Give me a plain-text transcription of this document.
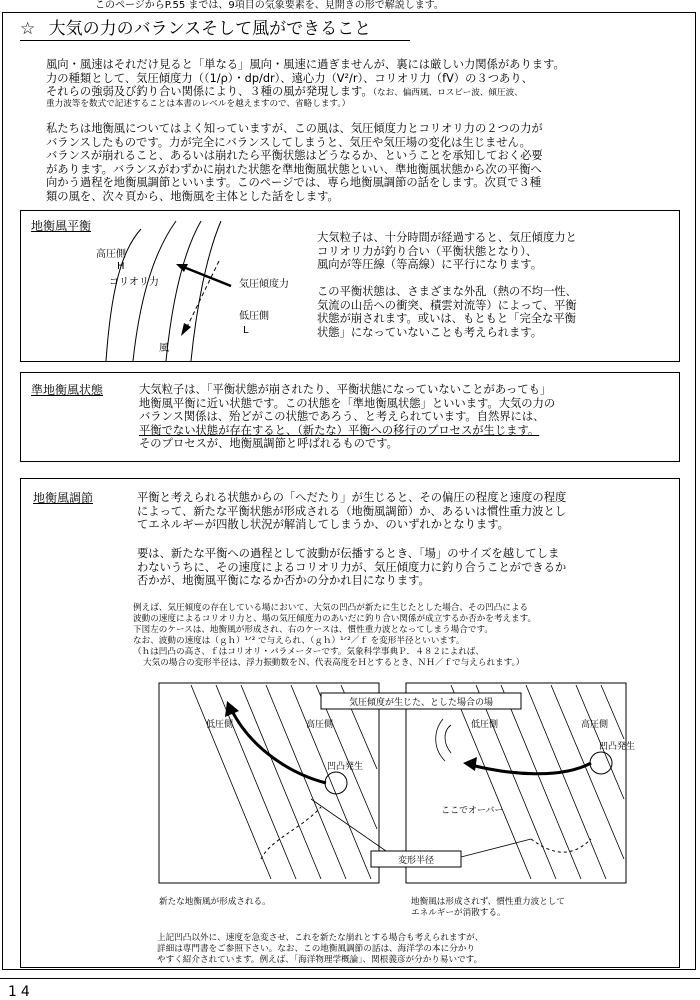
このページからP.55 までは、9項目の気象要素を、見開きの形で解説します。
☆ 大気の力のバランスそして風ができること
風向・風速はそれだけ見ると「単なる」風向・風速に過ぎませんが、裏には厳しい力関係があります。
力の種類として、気圧傾度力（（1/ρ）・dp/dr）、遠心力（V²/r）、コリオリ力（fV）の３つあり、
それらの強弱及び釣り合い関係により、３種の風が発現します。（なお、偏西風、ロスビー波、傾圧波、
重力波等を数式で記述することは本書のレベルを越えますので、省略します。）
私たちは地衡風についてはよく知っていますが、この風は、気圧傾度力とコリオリ力の２つの力が
バランスしたものです。力が完全にバランスしてしまうと、気圧や気圧場の変化は生じません。
バランスが崩れること、あるいは崩れたら平衡状態はどうなるか、ということを承知しておく必要
があります。バランスがわずかに崩れた状態を準地衡風状態といい、準地衡風状態から次の平衡へ
向かう過程を地衡風調節といいます。このページでは、専ら地衡風調節の話をします。次頁で３種
類の風を、次々頁から、地衡風を主体とした話をします。
地衡風平衡
高圧側
H
コリオリ力	気圧傾度力
低圧側
L
風
大気粒子は、十分時間が経過すると、気圧傾度力と
コリオリ力が釣り合い（平衡状態となり）、
風向が等圧線（等高線）に平行になります。
この平衡状態は、さまざまな外乱（熱の不均一性、
気流の山岳への衝突、積雲対流等）によって、平衡
状態が崩されます。或いは、もともと「完全な平衡
状態」になっていないことも考えられます。
準地衡風状態	大気粒子は、「平衡状態が崩されたり、平衡状態になっていないことがあっても」
地衡風平衡に近い状態です。この状態を「準地衡風状態」といいます。大気の力の
バランス関係は、殆どがこの状態であろう、と考えられています。自然界には、
平衡でない状態が存在すると、（新たな）平衡への移行のプロセスが生じます。
そのプロセスが、地衡風調節と呼ばれるものです。
地衡風調節	平衡と考えられる状態からの「へだたり」が生じると、その偏圧の程度と速度の程度
によって、新たな平衡状態が形成される（地衡風調節）か、あるいは慣性重力波とし
てエネルギーが四散し状況が解消してしまうか、のいずれかとなります。
要は、新たな平衡への過程として波動が伝播するとき、「場」のサイズを越してしま
わないうちに、その速度によるコリオリ力が、気圧傾度力に釣り合うことができるか
否かが、地衡風平衡になるか否かの分かれ目になります。
例えば、気圧傾度の存在している場において、大気の凹凸が新たに生じたとした場合、その凹凸による
波動の速度によるコリオリ力と、場の気圧傾度力のあいだに釣り合い関係が成立するか否かを考えます。
下図左のケースは、地衡風が形成され、右のケースは、慣性重力波となってしまう場合です。
なお、波動の速度は（ｇｈ）¹ᐟ² で与えられ、（ｇｈ）¹ᐟ²／ｆ を変形半径といいます。
（ｈは凹凸の高さ、ｆはコリオリ・パラメーターです。気象科学事典Ｐ．４８２によれば、
大気の場合の変形半径は、浮力振動数をＮ、代表高度をＨとするとき、ＮＨ／ｆで与えられます。）
気圧傾度が生じた、とした場合の場
変形半径
低圧側	高圧側
凹凸発生
低圧側	高圧側
凹凸発生
ここでオーバー
新たな地衡風が形成される。	地衡風は形成されず、慣性重力波として
エネルギーが消散する。
上記凹凸以外に、速度を急変させ、これを新たな崩れとする場合も考えられますが、
詳細は専門書をご参照下さい。なお、この地衡風調節の話は、海洋学の本に分かり
やすく紹介されています。例えば、「海洋物理学概論」、関根義彦が分かり易いです。
14
